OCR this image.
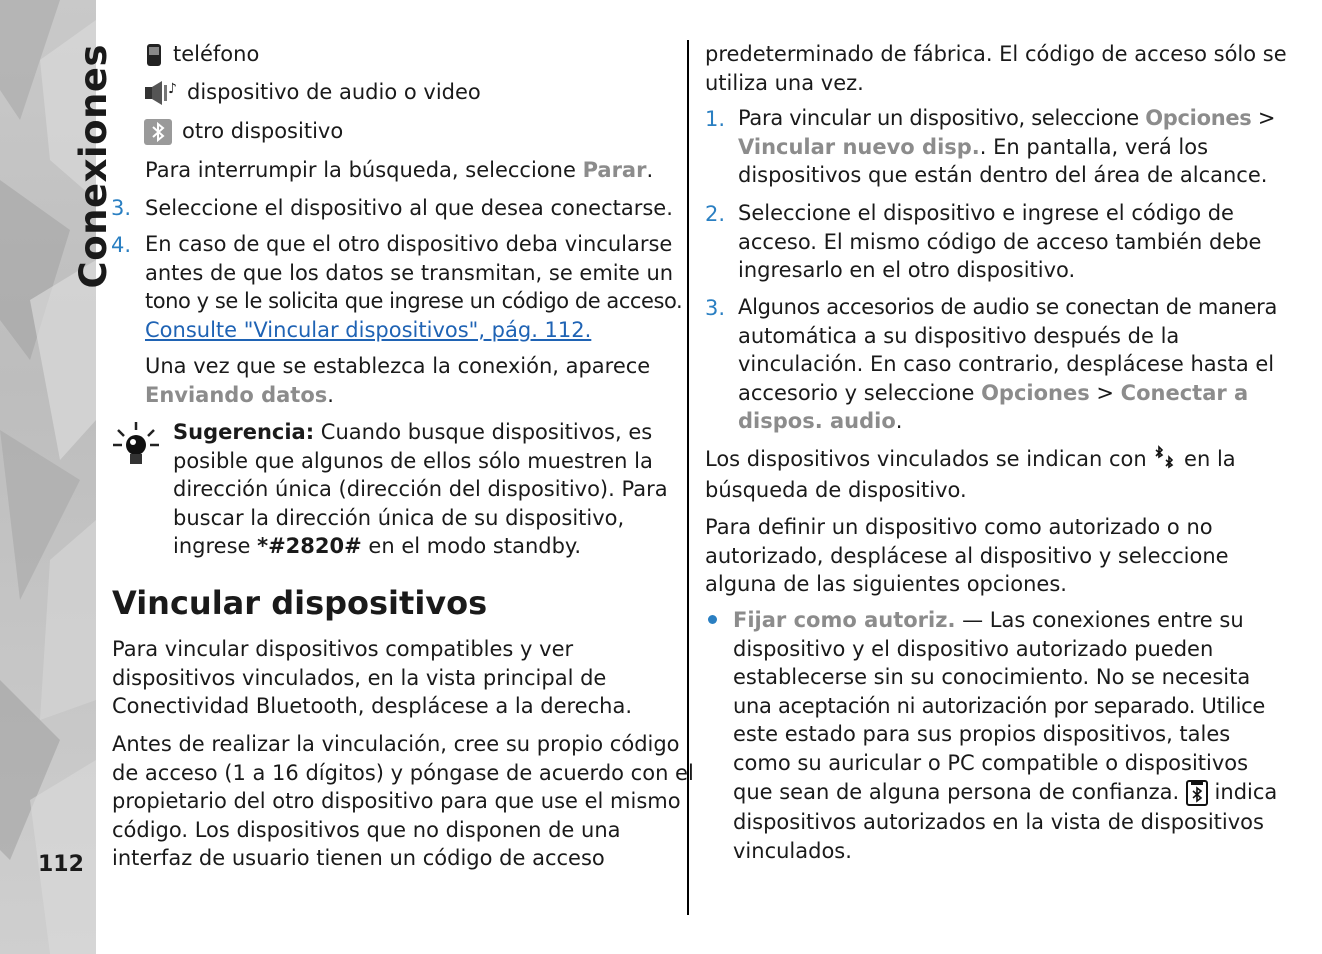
Conexiones
112
teléfono
♪ dispositivo de audio o video
otro dispositivo
Para interrumpir la búsqueda, seleccione Parar.
3. Seleccione el dispositivo al que desea conectarse.
4. En caso de que el otro dispositivo deba vincularse
antes de que los datos se transmitan, se emite un
tono y se le solicita que ingrese un código de acceso.
Consulte "Vincular dispositivos", pág. 112.
Una vez que se establezca la conexión, aparece
Enviando datos.
Sugerencia: Cuando busque dispositivos, es
posible que algunos de ellos sólo muestren la
dirección única (dirección del dispositivo). Para
buscar la dirección única de su dispositivo,
ingrese *#2820# en el modo standby.
Vincular dispositivos
Para vincular dispositivos compatibles y ver
dispositivos vinculados, en la vista principal de
Conectividad Bluetooth, desplácese a la derecha.
Antes de realizar la vinculación, cree su propio código
de acceso (1 a 16 dígitos) y póngase de acuerdo con el
propietario del otro dispositivo para que use el mismo
código. Los dispositivos que no disponen de una
interfaz de usuario tienen un código de acceso
predeterminado de fábrica. El código de acceso sólo se
utiliza una vez.
1. Para vincular un dispositivo, seleccione Opciones >
Vincular nuevo disp.. En pantalla, verá los
dispositivos que están dentro del área de alcance.
2. Seleccione el dispositivo e ingrese el código de
acceso. El mismo código de acceso también debe
ingresarlo en el otro dispositivo.
3. Algunos accesorios de audio se conectan de manera
automática a su dispositivo después de la
vinculación. En caso contrario, desplácese hasta el
accesorio y seleccione Opciones > Conectar a
dispos. audio.
Los dispositivos vinculados se indican con  en la
búsqueda de dispositivo.
Para definir un dispositivo como autorizado o no
autorizado, desplácese al dispositivo y seleccione
alguna de las siguientes opciones.
Fijar como autoriz. — Las conexiones entre su
dispositivo y el dispositivo autorizado pueden
establecerse sin su conocimiento. No se necesita
una aceptación ni autorización por separado. Utilice
este estado para sus propios dispositivos, tales
como su auricular o PC compatible o dispositivos
que sean de alguna persona de confianza.  indica
dispositivos autorizados en la vista de dispositivos
vinculados.
